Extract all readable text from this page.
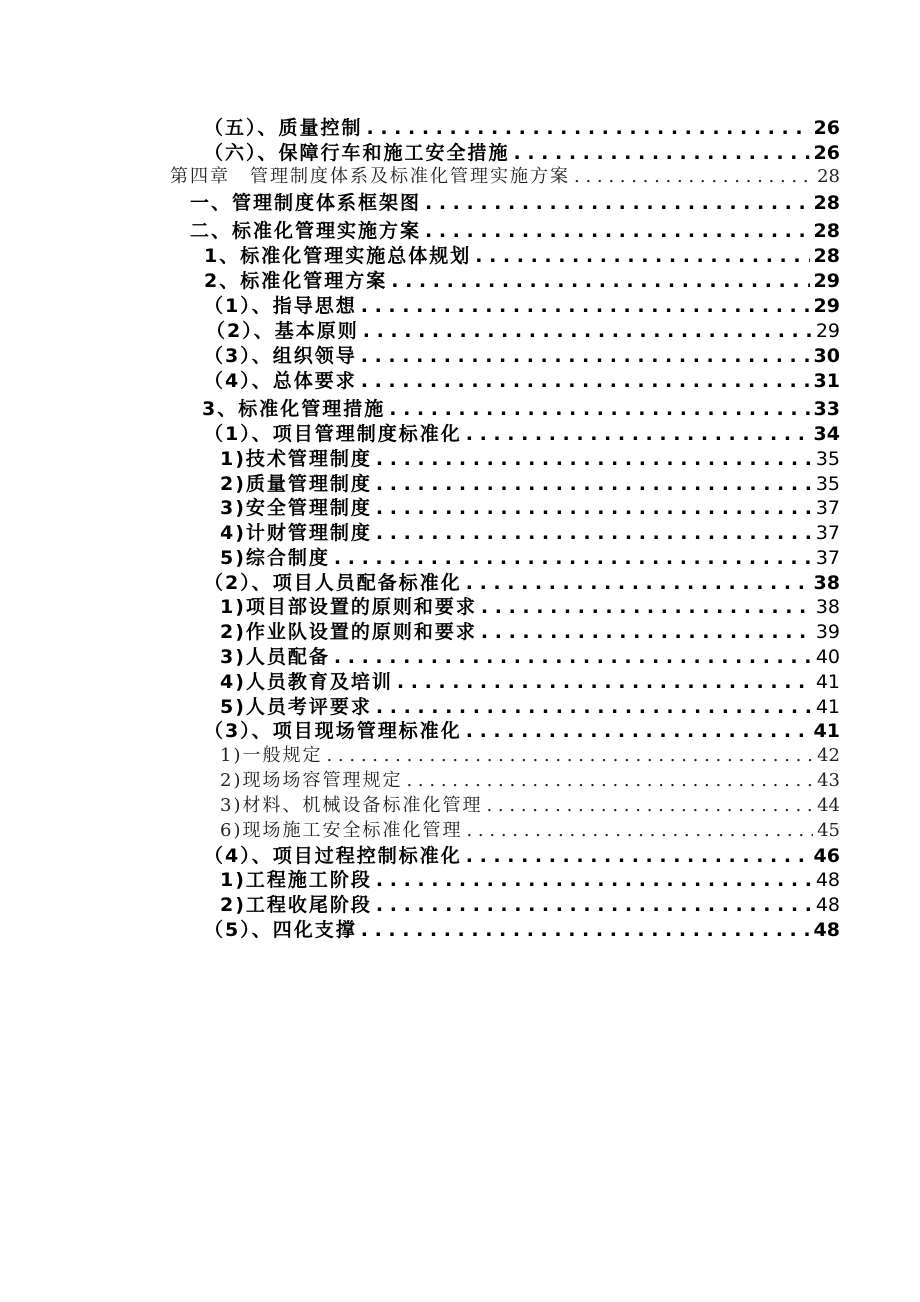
（五）、质量控制 . . .	26
（六）、保障行车和施工安全措施 . . .	26
第四章　管理制度体系及标准化管理实施方案 . . .	28
一、管理制度体系框架图 . . .	28
二、标准化管理实施方案 . . .	28
1、标准化管理实施总体规划 . . .	28
2、标准化管理方案 . . .	29
（1）、指导思想 . . .	29
（2）、基本原则 . . .	29
（3）、组织领导 . . .	30
（4）、总体要求 . . .	31
3、标准化管理措施 . . .	33
（1）、项目管理制度标准化 . . .	34
1)技术管理制度 . . .	35
2)质量管理制度 . . .	35
3)安全管理制度 . . .	37
4)计财管理制度 . . .	37
5)综合制度 . . .	37
（2）、项目人员配备标准化 . . .	38
1)项目部设置的原则和要求 . . .	38
2)作业队设置的原则和要求 . . .	39
3)人员配备 . . .	40
4)人员教育及培训 . . .	41
5)人员考评要求 . . .	41
（3）、项目现场管理标准化 . . .	41
1)一般规定 . . .	42
2)现场场容管理规定 . . .	43
3)材料、机械设备标准化管理 . . .	44
6)现场施工安全标准化管理 . . .	45
（4）、项目过程控制标准化 . . .	46
1)工程施工阶段 . . .	48
2)工程收尾阶段 . . .	48
（5）、四化支撑 . . .	48
